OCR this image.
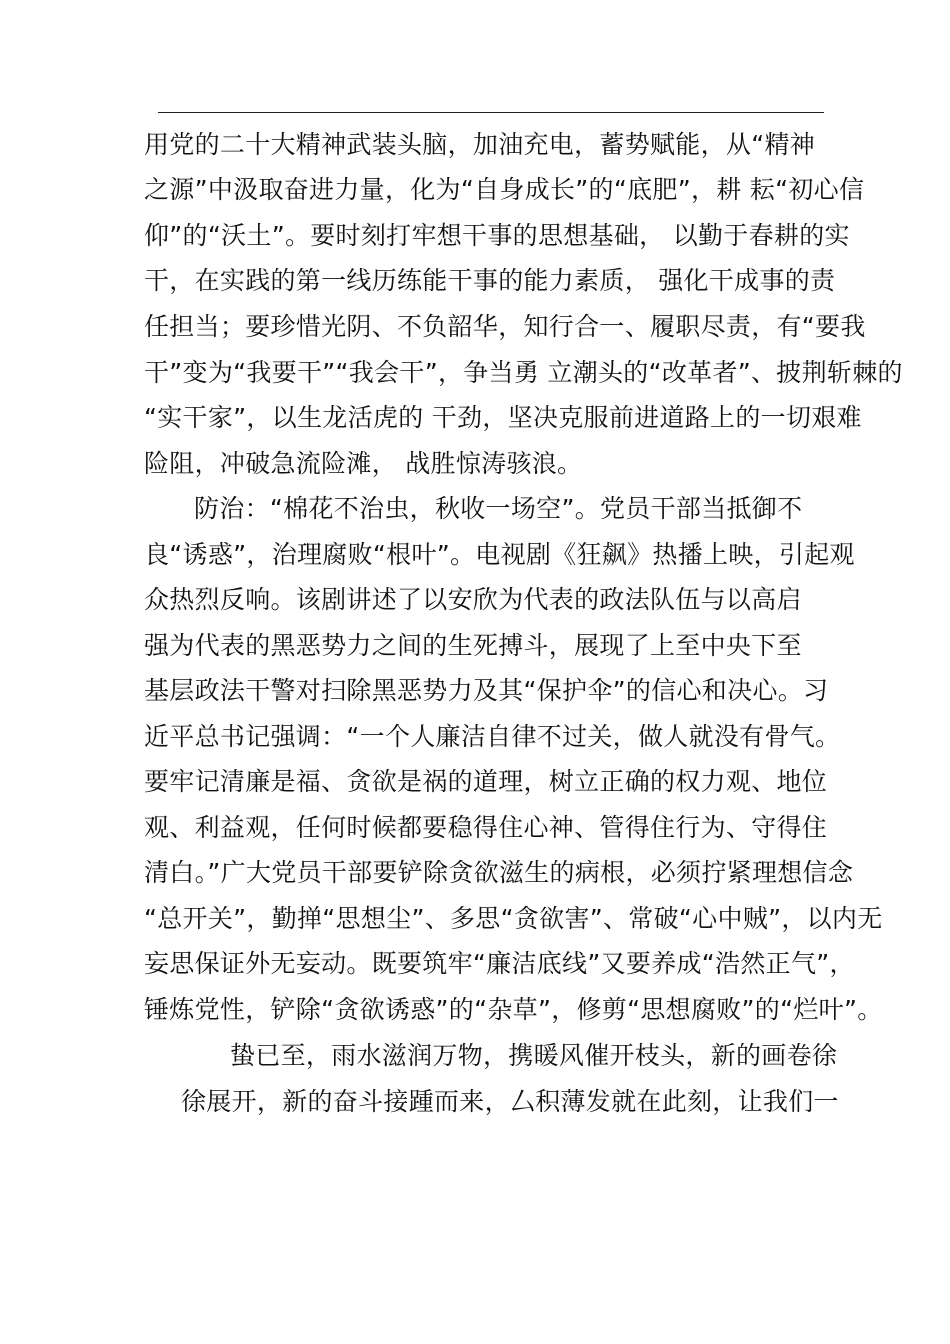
用党的二十大精神武装头脑，加油充电，蓄势赋能，从“精神
之源”中汲取奋进力量，化为“自身成长”的“底肥”，耕 耘“初心信
仰”的“沃土”。要时刻打牢想干事的思想基础， 以勤于春耕的实
干，在实践的第一线历练能干事的能力素质， 强化干成事的责
任担当；要珍惜光阴、不负韶华，知行合一、履职尽责，有“要我
干”变为“我要干”“我会干”，争当勇 立潮头的“改革者”、披荆斩棘的
“实干家”，以生龙活虎的 干劲，坚决克服前进道路上的一切艰难
险阻，冲破急流险滩， 战胜惊涛骇浪。
防治：“棉花不治虫，秋收一场空”。党员干部当抵御不
良“诱惑”，治理腐败“根叶”。电视剧《狂飙》热播上映，引起观
众热烈反响。该剧讲述了以安欣为代表的政法队伍与以高启
强为代表的黑恶势力之间的生死搏斗，展现了上至中央下至
基层政法干警对扫除黑恶势力及其“保护伞”的信心和决心。习
近平总书记强调：“一个人廉洁自律不过关，做人就没有骨气。
要牢记清廉是福、贪欲是祸的道理，树立正确的权力观、地位
观、利益观，任何时候都要稳得住心神、管得住行为、守得住
清白。”广大党员干部要铲除贪欲滋生的病根，必须拧紧理想信念
“总开关”，勤掸“思想尘”、多思“贪欲害”、常破“心中贼”，以内无
妄思保证外无妄动。既要筑牢“廉洁底线”又要养成“浩然正气”，
锤炼党性，铲除“贪欲诱惑”的“杂草”，修剪“思想腐败”的“烂叶”。
蛰已至，雨水滋润万物，携暖风催开枝头，新的画卷徐
徐展开，新的奋斗接踵而来，厶积薄发就在此刻，让我们一
